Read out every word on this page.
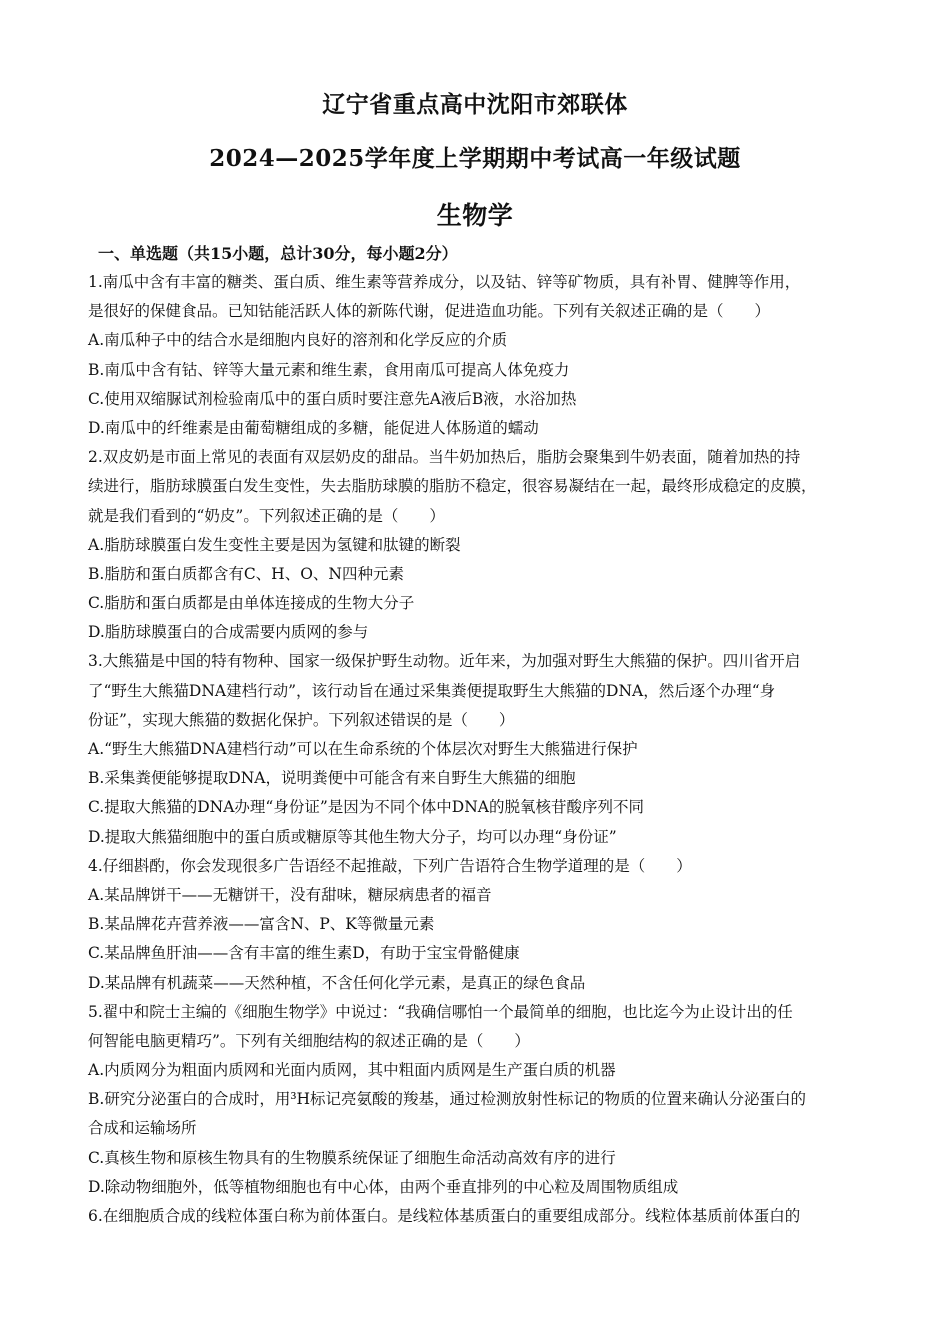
辽宁省重点高中沈阳市郊联体
2024—2025学年度上学期期中考试高一年级试题
生物学
一、单选题（共15小题，总计30分，每小题2分）
1.南瓜中含有丰富的糖类、蛋白质、维生素等营养成分，以及钴、锌等矿物质，具有补胃、健脾等作用，
是很好的保健食品。已知钴能活跃人体的新陈代谢，促进造血功能。下列有关叙述正确的是（　　）
A.南瓜种子中的结合水是细胞内良好的溶剂和化学反应的介质
B.南瓜中含有钴、锌等大量元素和维生素，食用南瓜可提高人体免疫力
C.使用双缩脲试剂检验南瓜中的蛋白质时要注意先A液后B液，水浴加热
D.南瓜中的纤维素是由葡萄糖组成的多糖，能促进人体肠道的蠕动
2.双皮奶是市面上常见的表面有双层奶皮的甜品。当牛奶加热后，脂肪会聚集到牛奶表面，随着加热的持
续进行，脂肪球膜蛋白发生变性，失去脂肪球膜的脂肪不稳定，很容易凝结在一起，最终形成稳定的皮膜，
就是我们看到的“奶皮”。下列叙述正确的是（　　）
A.脂肪球膜蛋白发生变性主要是因为氢键和肽键的断裂
B.脂肪和蛋白质都含有C、H、O、N四种元素
C.脂肪和蛋白质都是由单体连接成的生物大分子
D.脂肪球膜蛋白的合成需要内质网的参与
3.大熊猫是中国的特有物种、国家一级保护野生动物。近年来，为加强对野生大熊猫的保护。四川省开启
了“野生大熊猫DNA建档行动”，该行动旨在通过采集粪便提取野生大熊猫的DNA，然后逐个办理“身
份证”，实现大熊猫的数据化保护。下列叙述错误的是（　　）
A.“野生大熊猫DNA建档行动”可以在生命系统的个体层次对野生大熊猫进行保护
B.采集粪便能够提取DNA，说明粪便中可能含有来自野生大熊猫的细胞
C.提取大熊猫的DNA办理“身份证”是因为不同个体中DNA的脱氧核苷酸序列不同
D.提取大熊猫细胞中的蛋白质或糖原等其他生物大分子，均可以办理“身份证”
4.仔细斟酌，你会发现很多广告语经不起推敲，下列广告语符合生物学道理的是（　　）
A.某品牌饼干——无糖饼干，没有甜味，糖尿病患者的福音
B.某品牌花卉营养液——富含N、P、K等微量元素
C.某品牌鱼肝油——含有丰富的维生素D，有助于宝宝骨骼健康
D.某品牌有机蔬菜——天然种植，不含任何化学元素，是真正的绿色食品
5.翟中和院士主编的《细胞生物学》中说过：“我确信哪怕一个最简单的细胞，也比迄今为止设计出的任
何智能电脑更精巧”。下列有关细胞结构的叙述正确的是（　　）
A.内质网分为粗面内质网和光面内质网，其中粗面内质网是生产蛋白质的机器
B.研究分泌蛋白的合成时，用³H标记亮氨酸的羧基，通过检测放射性标记的物质的位置来确认分泌蛋白的
合成和运输场所
C.真核生物和原核生物具有的生物膜系统保证了细胞生命活动高效有序的进行
D.除动物细胞外，低等植物细胞也有中心体，由两个垂直排列的中心粒及周围物质组成
6.在细胞质合成的线粒体蛋白称为前体蛋白。是线粒体基质蛋白的重要组成部分。线粒体基质前体蛋白的
